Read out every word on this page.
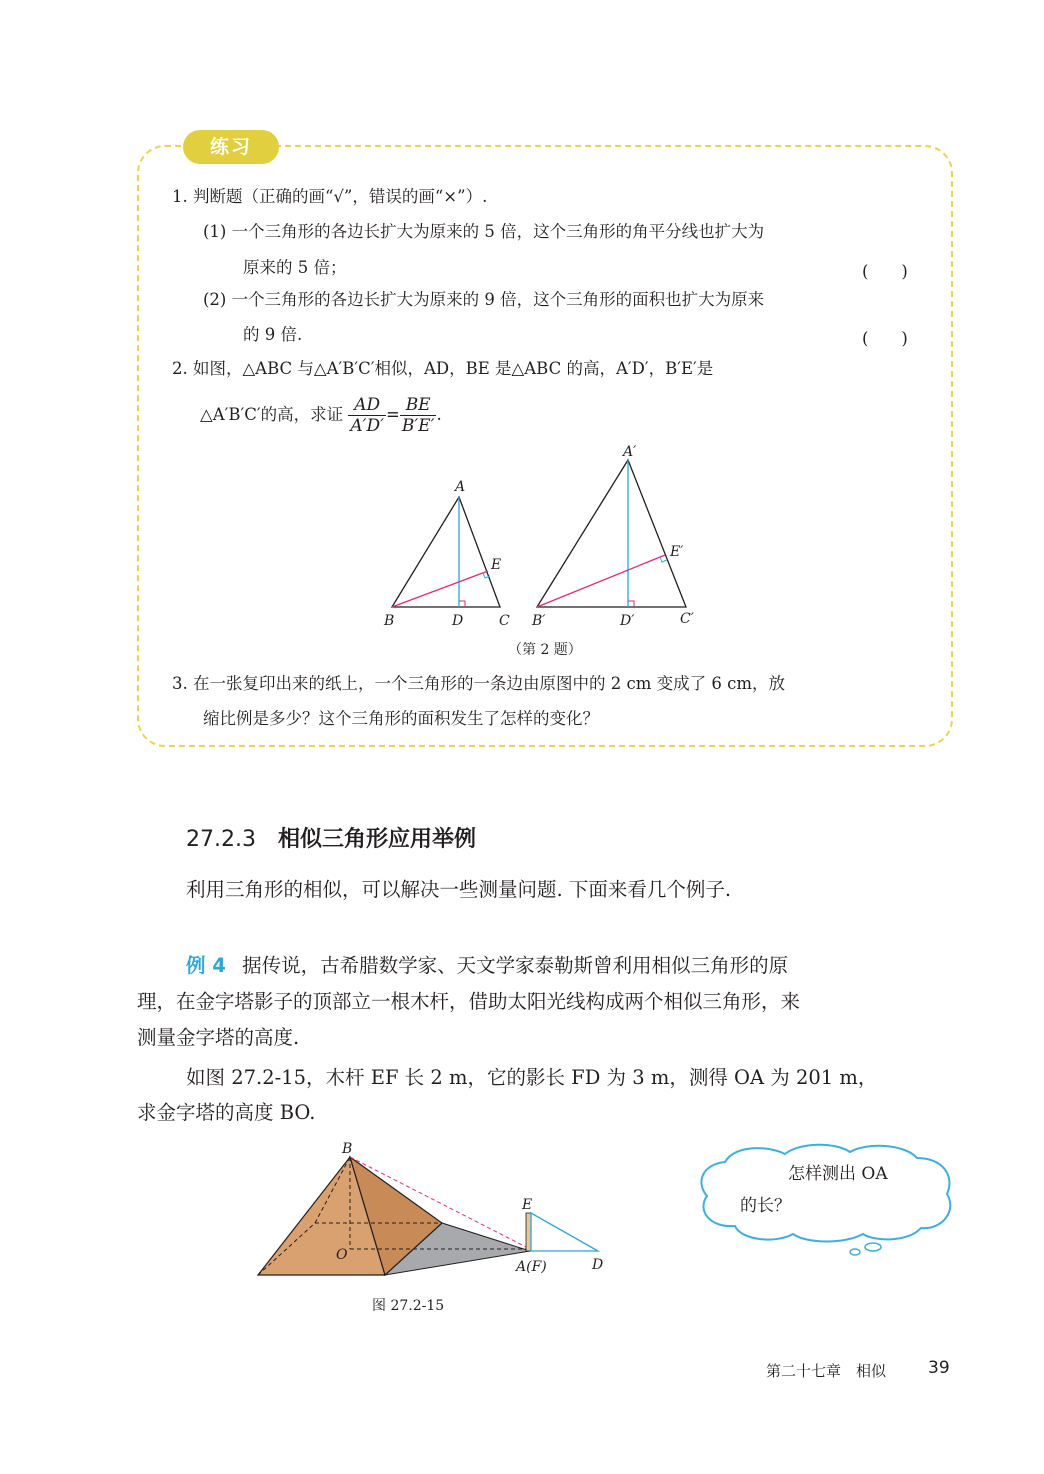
练习
1. 判断题（正确的画“√”，错误的画“×”）.
(1) 一个三角形的各边长扩大为原来的 5 倍，这个三角形的角平分线也扩大为
原来的 5 倍；	(　　)
(2) 一个三角形的各边长扩大为原来的 9 倍，这个三角形的面积也扩大为原来
的 9 倍.	(　　)
2. 如图，△ABC 与△A′B′C′相似，AD，BE 是△ABC 的高，A′D′，B′E′是
△A′B′C′的高，求证 $\frac{AD}{A'D'} = \frac{BE}{B'E'}$ .
A
B	C
D
E
A′
B′	C′
D′
E′
（第 2 题）
3. 在一张复印出来的纸上，一个三角形的一条边由原图中的 2 cm 变成了 6 cm，放
缩比例是多少？这个三角形的面积发生了怎样的变化？
27.2.3 相似三角形应用举例
利用三角形的相似，可以解决一些测量问题. 下面来看几个例子.
例 4 据传说，古希腊数学家、天文学家泰勒斯曾利用相似三角形的原
理，在金字塔影子的顶部立一根木杆，借助太阳光线构成两个相似三角形，来
测量金字塔的高度.
如图 27.2-15，木杆 EF 长 2 m，它的影长 FD 为 3 m，测得 OA 为 201 m，
求金字塔的高度 BO.
B
O
E
A(F)	D
图 27.2-15
怎样测出 OA
的长？
第二十七章　相似 39
